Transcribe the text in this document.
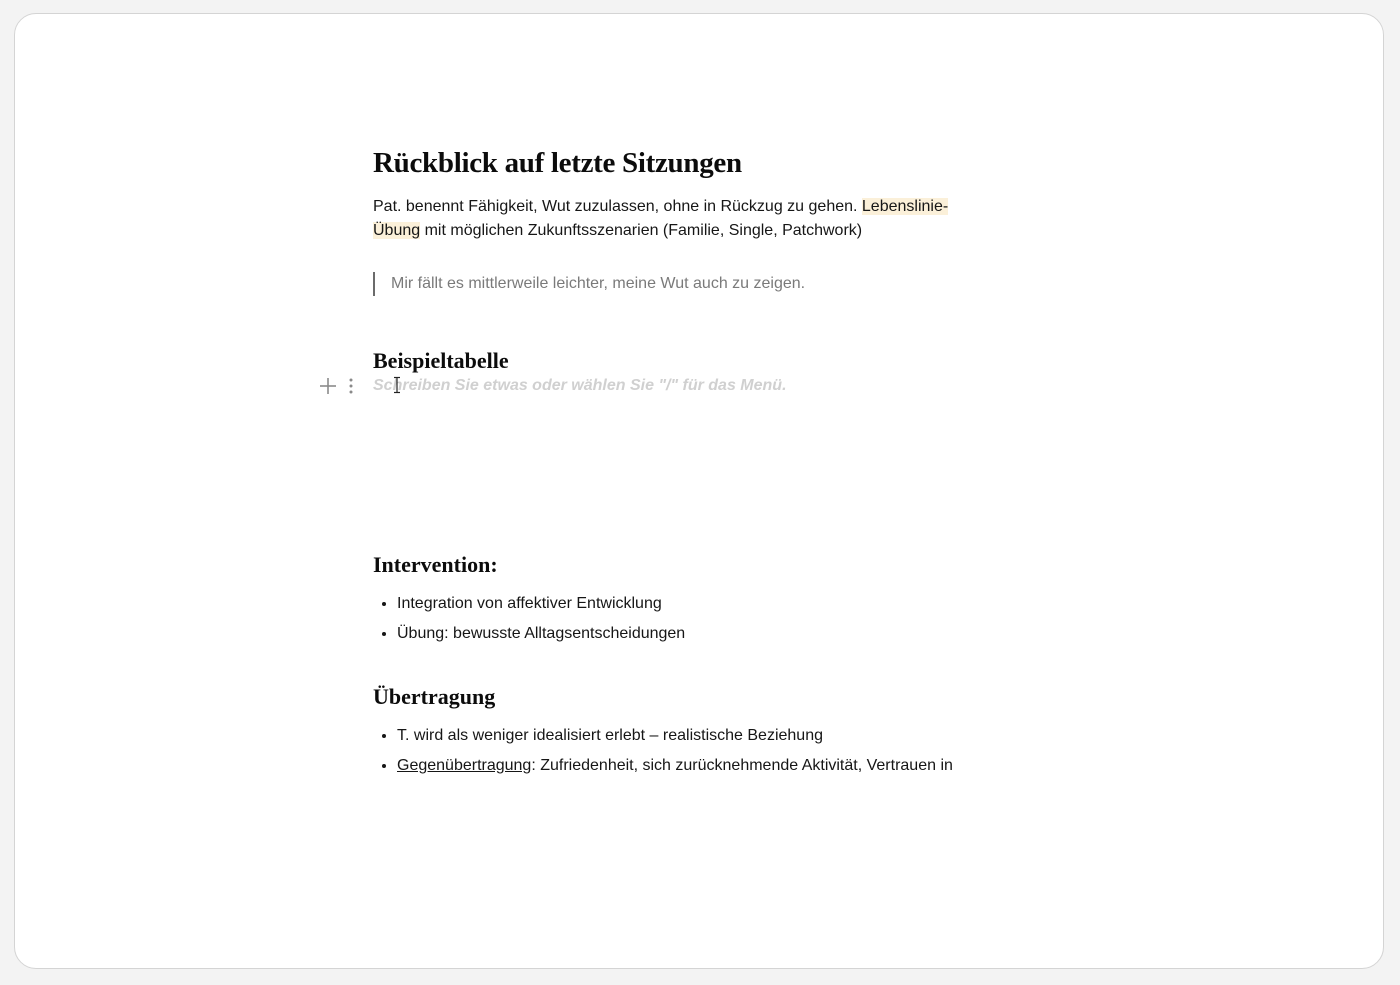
Rückblick auf letzte Sitzungen

Pat. benennt Fähigkeit, Wut zuzulassen, ohne in Rückzug zu gehen. Lebenslinie-Übung mit möglichen Zukunftsszenarien (Familie, Single, Patchwork)

Mir fällt es mittlerweile leichter, meine Wut auch zu zeigen.
Beispieltabelle
Schreiben Sie etwas oder wählen Sie "/" für das Menü.
Intervention:
• Integration von affektiver Entwicklung
• Übung: bewusste Alltagsentscheidungen
Übertragung
• T. wird als weniger idealisiert erlebt – realistische Beziehung
• Gegenübertragung: Zufriedenheit, sich zurücknehmende Aktivität, Vertrauen in
